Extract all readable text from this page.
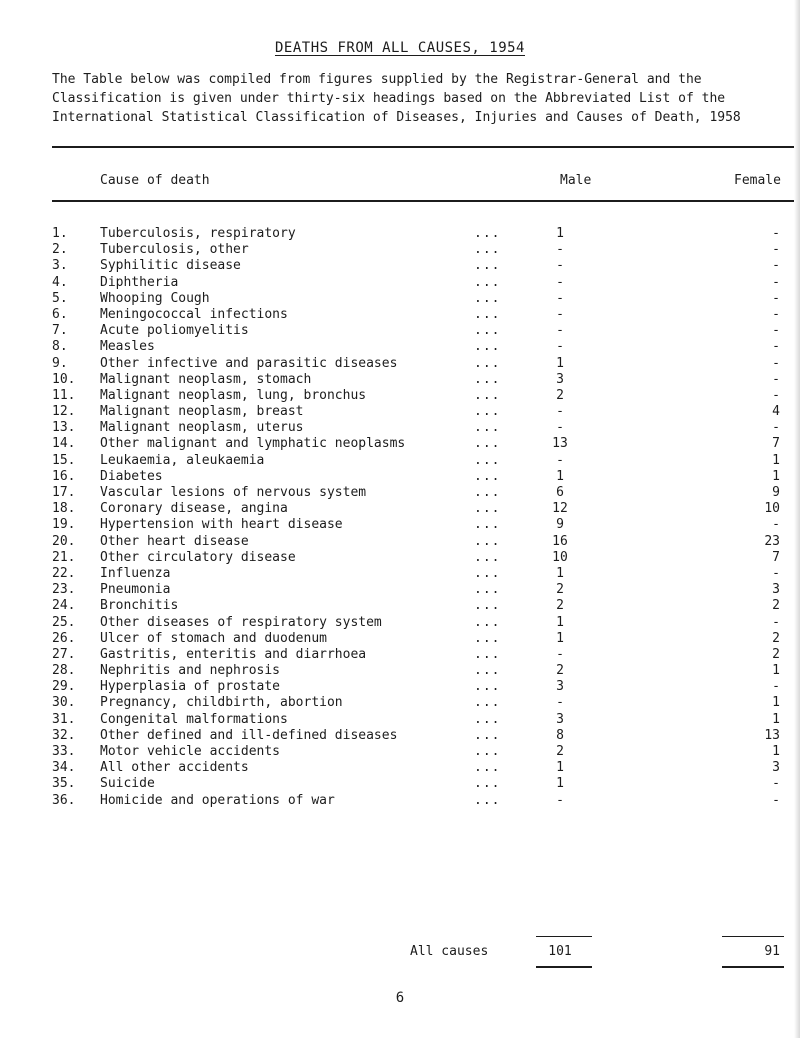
DEATHS FROM ALL CAUSES, 1954
The Table below was compiled from figures supplied by the Registrar-General and the
Classification is given under thirty-six headings based on the Abbreviated List of the
International Statistical Classification of Diseases, Injuries and Causes of Death, 1958
Cause of death	Male	Female
1.	Tuberculosis, respiratory	...	1	-
2.	Tuberculosis, other	...	-	-
3.	Syphilitic disease	...	-	-
4.	Diphtheria	...	-	-
5.	Whooping Cough	...	-	-
6.	Meningococcal infections	...	-	-
7.	Acute poliomyelitis	...	-	-
8.	Measles	...	-	-
9.	Other infective and parasitic diseases	...	1	-
10.	Malignant neoplasm, stomach	...	3	-
11.	Malignant neoplasm, lung, bronchus	...	2	-
12.	Malignant neoplasm, breast	...	-	4
13.	Malignant neoplasm, uterus	...	-	-
14.	Other malignant and lymphatic neoplasms	...	13	7
15.	Leukaemia, aleukaemia	...	-	1
16.	Diabetes	...	1	1
17.	Vascular lesions of nervous system	...	6	9
18.	Coronary disease, angina	...	12	10
19.	Hypertension with heart disease	...	9	-
20.	Other heart disease	...	16	23
21.	Other circulatory disease	...	10	7
22.	Influenza	...	1	-
23.	Pneumonia	...	2	3
24.	Bronchitis	...	2	2
25.	Other diseases of respiratory system	...	1	-
26.	Ulcer of stomach and duodenum	...	1	2
27.	Gastritis, enteritis and diarrhoea	...	-	2
28.	Nephritis and nephrosis	...	2	1
29.	Hyperplasia of prostate	...	3	-
30.	Pregnancy, childbirth, abortion	...	-	1
31.	Congenital malformations	...	3	1
32.	Other defined and ill-defined diseases	...	8	13
33.	Motor vehicle accidents	...	2	1
34.	All other accidents	...	1	3
35.	Suicide	...	1	-
36.	Homicide and operations of war	...	-	-
All causes	101	91
6
